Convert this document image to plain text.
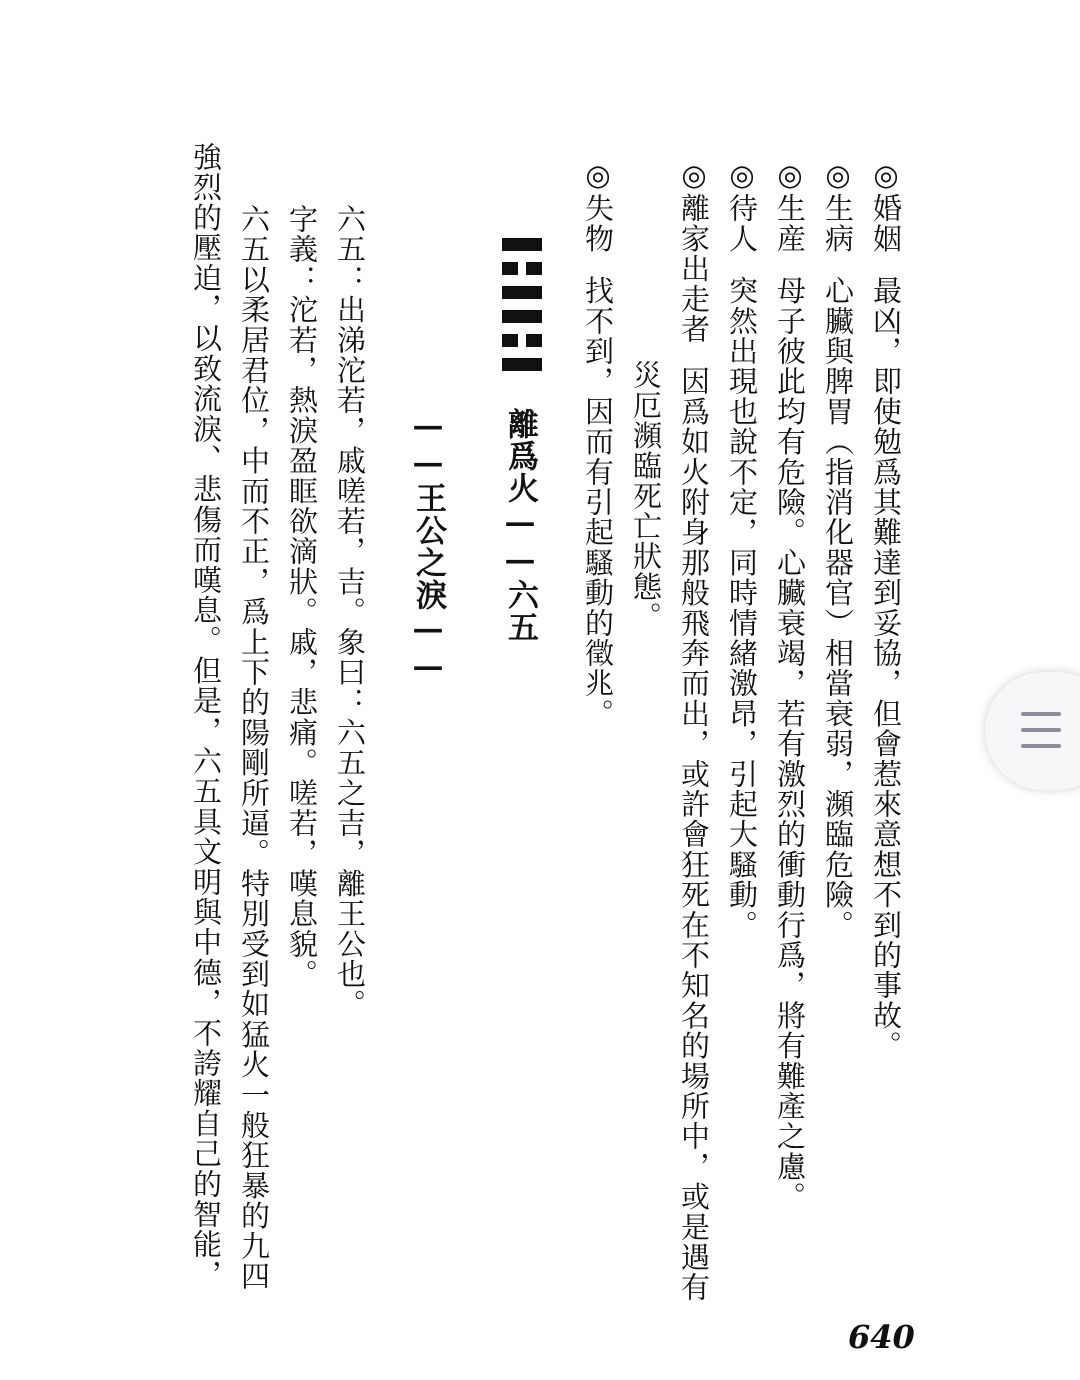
◎婚姻最凶，即使勉爲其難達到妥協，但會惹來意想不到的事故。
◎生病心臟與脾胃（指消化器官）相當衰弱，瀕臨危險。
◎生産母子彼此均有危險。心臟衰竭，若有激烈的衝動行爲，將有難產之慮。
◎待人突然出現也說不定，同時情緒激昂，引起大騷動。
◎離家出走者因爲如火附身那般飛奔而出，或許會狂死在不知名的場所中，或是遇有
災厄瀕臨死亡狀態。
◎失物找不到，因而有引起騷動的徵兆。
離爲火——六五
——王公之淚——
六五：出涕沱若，戚嗟若，吉。象曰：六五之吉，離王公也。
字義：沱若，熱淚盈眶欲滴狀。戚，悲痛。嗟若，嘆息貌。
六五以柔居君位，中而不正，爲上下的陽剛所逼。特別受到如猛火一般狂暴的九四
強烈的壓迫，以致流淚、悲傷而嘆息。但是，六五具文明與中德，不誇耀自己的智能，
640
